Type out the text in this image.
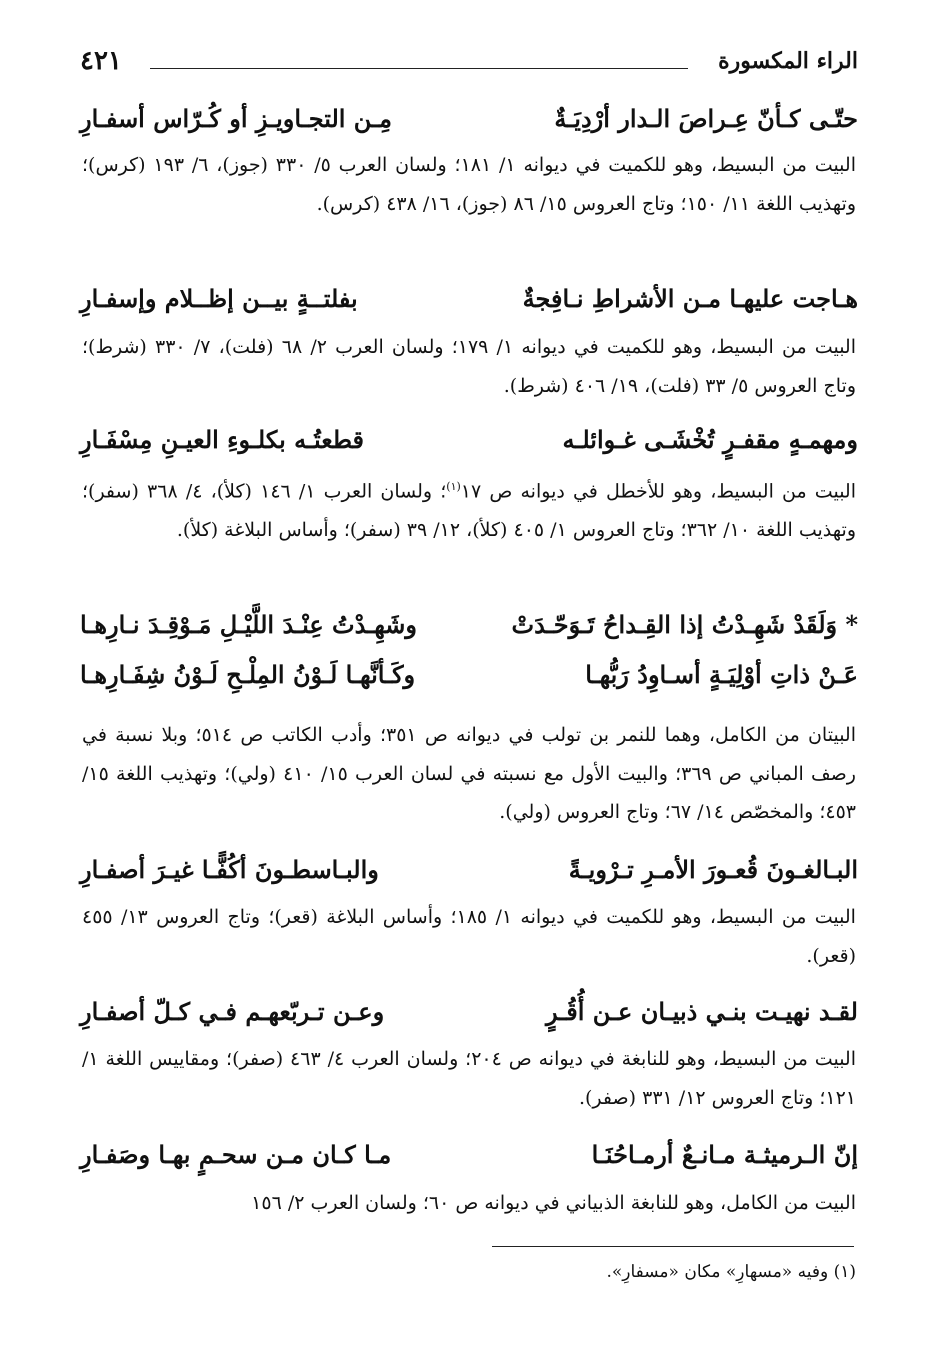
الراء المكسورة
٤٢١
حتّـى كـأنّ عِـراصَ الـدار أرْدِيَـةٌ
مِـن التجـاويـزِ أو كُـرّاس أسفـارِ
البيت من البسيط، وهو للكميت في ديوانه ١/ ١٨١؛ ولسان العرب ٥/ ٣٣٠ (جوز)، ٦/ ١٩٣ (كرس)؛ وتهذيب اللغة ١١/ ١٥٠؛ وتاج العروس ١٥/ ٨٦ (جوز)، ١٦/ ٤٣٨ (كرس).
هـاجت عليهـا مـن الأشراطِ نـافِجةٌ
بفلتــةٍ بيــن إظــلام وإسفـارِ
البيت من البسيط، وهو للكميت في ديوانه ١/ ١٧٩؛ ولسان العرب ٢/ ٦٨ (فلت)، ٧/ ٣٣٠ (شرط)؛ وتاج العروس ٥/ ٣٣ (فلت)، ١٩/ ٤٠٦ (شرط).
ومهمـهٍ مقفـرٍ تُخْشَـى غـوائلـه
قطعتُـه بكلـوءِ العيـنِ مِسْفَـارِ
البيت من البسيط، وهو للأخطل في ديوانه ص ١٧$^{(١)}$؛ ولسان العرب ١/ ١٤٦ (كلأ)، ٤/ ٣٦٨ (سفر)؛ وتهذيب اللغة ١٠/ ٣٦٢؛ وتاج العروس ١/ ٤٠٥ (كلأ)، ١٢/ ٣٩ (سفر)؛ وأساس البلاغة (كلأ).
* وَلَقَدْ شَهِـدْتُ إذا القِـداحُ تَـوَحّـدَتْ
وشَهِـدْتُ عِنْـدَ اللَّيْـلِ مَـوْقِـدَ نـارِهـا
عَـنْ ذاتِ أوْلِيَـةٍ أسـاوِدُ رَبُّهـا
وكَـأنَّهـا لَـوْنُ المِلْـحِ لَـوْنُ شِفَـارِهـا
البيتان من الكامل، وهما للنمر بن تولب في ديوانه ص ٣٥١؛ وأدب الكاتب ص ٥١٤؛ وبلا نسبة في رصف المباني ص ٣٦٩؛ والبيت الأول مع نسبته في لسان العرب ١٥/ ٤١٠ (ولي)؛ وتهذيب اللغة ١٥/ ٤٥٣؛ والمخصّص ١٤/ ٦٧؛ وتاج العروس (ولي).
البـالغـونَ قُعـورَ الأمـرِ تـرْويـةً
والبـاسطـونَ أكُفًّـا غيـرَ أصفـارِ
البيت من البسيط، وهو للكميت في ديوانه ١/ ١٨٥؛ وأساس البلاغة (قعر)؛ وتاج العروس ١٣/ ٤٥٥ (قعر).
لقـد نهيـت بنـي ذبيـان عـن أُقُـرٍ
وعـن تـربّعهـم فـي كـلّ أصفـارِ
البيت من البسيط، وهو للنابغة في ديوانه ص ٢٠٤؛ ولسان العرب ٤/ ٤٦٣ (صفر)؛ ومقاييس اللغة ١/ ١٢١؛ وتاج العروس ١٢/ ٣٣١ (صفر).
إنّ الـرميثـة مـانـعٌ أرمـاحُنَـا
مـا كـان مـن سحـمٍ بهـا وصَفـارِ
البيت من الكامل، وهو للنابغة الذبياني في ديوانه ص ٦٠؛ ولسان العرب ٢/ ١٥٦
(١) وفيه «مسهارِ» مكان «مسفارِ».
